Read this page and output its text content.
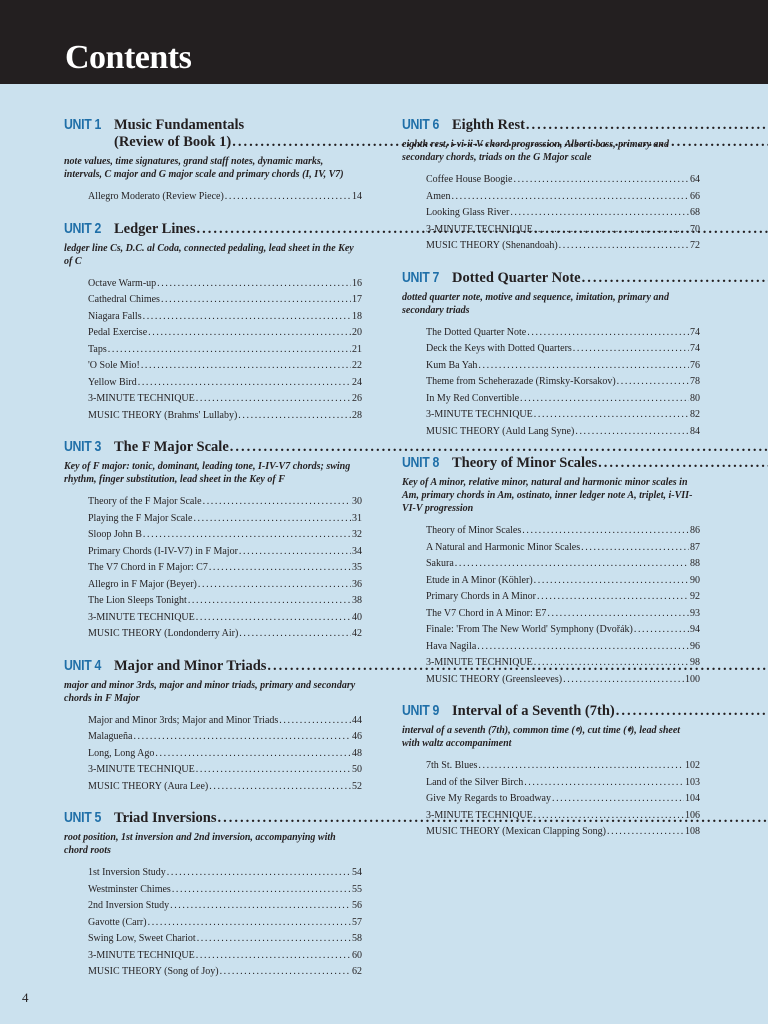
Contents
UNIT 1 Music Fundamentals
(Review of Book 1)
.....
note values, time signatures, grand staff notes, dynamic marks, intervals, C major and G major scale and primary chords (I, IV, V7)
Allegro Moderato (Review Piece) .....	14
UNIT 2 Ledger Lines
.....
ledger line Cs, D.C. al Coda, connected pedaling, lead sheet in the Key of C
Octave Warm-up .....	16
Cathedral Chimes .....	17
Niagara Falls .....	18
Pedal Exercise .....	20
Taps .....	21
'O Sole Mio! .....	22
Yellow Bird .....	24
3-MINUTE TECHNIQUE .....	26
MUSIC THEORY (Brahms' Lullaby) .....	28
UNIT 3 The F Major Scale
.....
Key of F major: tonic, dominant, leading tone, I-IV-V7 chords; swing rhythm, finger substitution, lead sheet in the Key of F
Theory of the F Major Scale .....	30
Playing the F Major Scale .....	31
Sloop John B .....	32
Primary Chords (I-IV-V7) in F Major .....	34
The V7 Chord in F Major: C7 .....	35
Allegro in F Major (Beyer) .....	36
The Lion Sleeps Tonight .....	38
3-MINUTE TECHNIQUE .....	40
MUSIC THEORY (Londonderry Air) .....	42
UNIT 4 Major and Minor Triads
.....
major and minor 3rds, major and minor triads, primary and secondary chords in F Major
Major and Minor 3rds; Major and Minor Triads .....	44
Malagueña .....	46
Long, Long Ago .....	48
3-MINUTE TECHNIQUE .....	50
MUSIC THEORY (Aura Lee) .....	52
UNIT 5 Triad Inversions
.....
root position, 1st inversion and 2nd inversion, accompanying with chord roots
1st Inversion Study .....	54
Westminster Chimes .....	55
2nd Inversion Study .....	56
Gavotte (Carr) .....	57
Swing Low, Sweet Chariot .....	58
3-MINUTE TECHNIQUE .....	60
MUSIC THEORY (Song of Joy) .....	62
UNIT 6 Eighth Rest
.....
eighth rest, i-vi-ii-V chord progression, Alberti bass, primary and secondary chords, triads on the G Major scale
Coffee House Boogie .....	64
Amen .....	66
Looking Glass River .....	68
3-MINUTE TECHNIQUE .....	70
MUSIC THEORY (Shenandoah) .....	72
UNIT 7 Dotted Quarter Note
.....
dotted quarter note, motive and sequence, imitation, primary and secondary triads
The Dotted Quarter Note .....	74
Deck the Keys with Dotted Quarters .....	74
Kum Ba Yah .....	76
Theme from Scheherazade (Rimsky-Korsakov) .....	78
In My Red Convertible .....	80
3-MINUTE TECHNIQUE .....	82
MUSIC THEORY (Auld Lang Syne) .....	84
UNIT 8 Theory of Minor Scales
.....
Key of A minor, relative minor, natural and harmonic minor scales in Am, primary chords in Am, ostinato, inner ledger note A, triplet, i-VII-VI-V progression
Theory of Minor Scales .....	86
A Natural and Harmonic Minor Scales .....	87
Sakura .....	88
Etude in A Minor (Köhler) .....	90
Primary Chords in A Minor .....	92
The V7 Chord in A Minor: E7 .....	93
Finale: 'From The New World' Symphony (Dvořák) .....	94
Hava Nagila .....	96
3-MINUTE TECHNIQUE .....	98
MUSIC THEORY (Greensleeves) .....	100
UNIT 9 Interval of a Seventh (7th)
.....
interval of a seventh (7th), common time (𝄴), cut time (𝄵), lead sheet with waltz accompaniment
7th St. Blues .....	102
Land of the Silver Birch .....	103
Give My Regards to Broadway .....	104
3-MINUTE TECHNIQUE .....	106
MUSIC THEORY (Mexican Clapping Song) .....	108
4
